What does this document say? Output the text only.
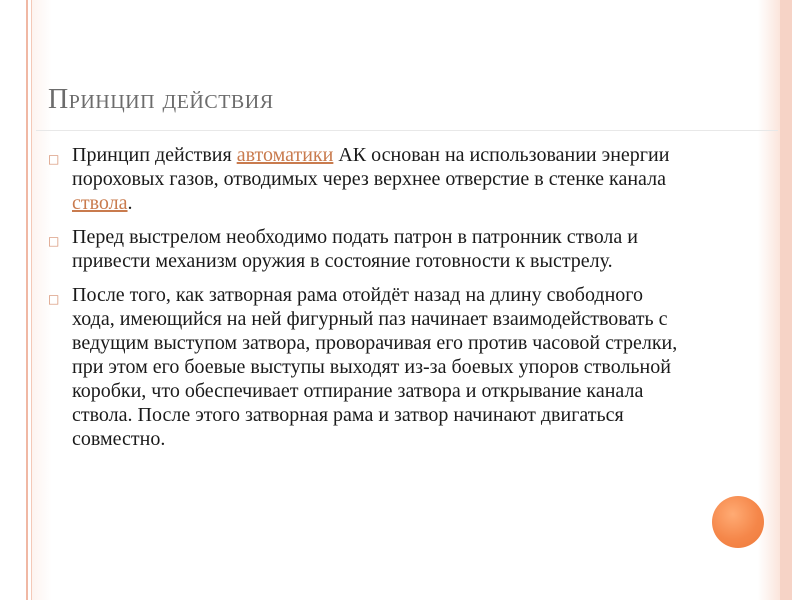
Принцип действия
□ Принцип действия автоматики АК основан на использовании энергии пороховых газов, отводимых через верхнее отверстие в стенке канала ствола.
□ Перед выстрелом необходимо подать патрон в патронник ствола и привести механизм оружия в состояние готовности к выстрелу.
□ После того, как затворная рама отойдёт назад на длину свободного хода, имеющийся на ней фигурный паз начинает взаимодействовать с ведущим выступом затвора, проворачивая его против часовой стрелки, при этом его боевые выступы выходят из-за боевых упоров ствольной коробки, что обеспечивает отпирание затвора и открывание канала ствола. После этого затворная рама и затвор начинают двигаться совместно.
